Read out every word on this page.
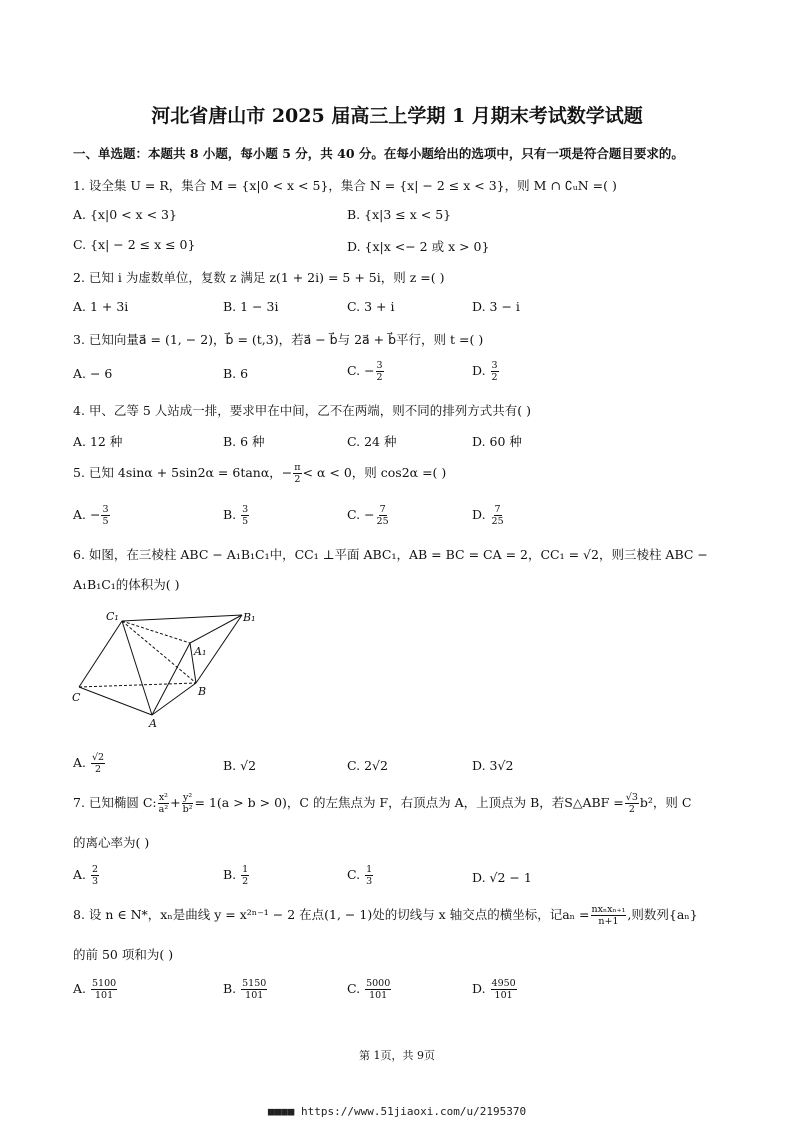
河北省唐山市 2025 届高三上学期 1 月期末考试数学试题
一、单选题：本题共 8 小题，每小题 5 分，共 40 分。在每小题给出的选项中，只有一项是符合题目要求的。
1. 设全集 U = R，集合 M = {x|0 < x < 5}，集合 N = {x| − 2 ≤ x < 3}，则 M ∩ ∁ᵤN =( )
A. {x|0 < x < 3}	B. {x|3 ≤ x < 5}
C. {x| − 2 ≤ x ≤ 0}	D. {x|x <− 2 或 x > 0}
2. 已知 i 为虚数单位，复数 z 满足 z(1 + 2i) = 5 + 5i，则 z =( )
A. 1 + 3i	B. 1 − 3i	C. 3 + i	D. 3 − i
3. 已知向量a⃗ = (1, − 2)，b⃗ = (t,3)，若a⃗ − b⃗与 2a⃗ + b⃗平行，则 t =( )
A. − 6	B. 6	C. − $\frac{3}{2}$	D. $\frac{3}{2}$
4. 甲、乙等 5 人站成一排，要求甲在中间，乙不在两端，则不同的排列方式共有( )
A. 12 种	B. 6 种	C. 24 种	D. 60 种
5. 已知 4sinα + 5sin2α = 6tanα，− $\frac{\pi}{2} < \alpha < 0$，则 cos2α =( )
A. − $\frac{3}{5}$	B. $\frac{3}{5}$	C. − $\frac{7}{25}$	D. $\frac{7}{25}$
6. 如图，在三棱柱 ABC − A₁B₁C₁中，CC₁ ⊥平面 ABC₁，AB = BC = CA = 2，CC₁ = √2，则三棱柱 ABC −
A₁B₁C₁的体积为( )
C₁	B₁
A₁
C	B
A
A. $\frac{√2}{2}$	B. √2	C. 2√2	D. 3√2
7. 已知椭圆 C: $\frac{\text{x²}}{\text{a²}} + \frac{\text{y²}}{\text{b²}} = 1(a > b > 0)$，C 的左焦点为 F，右顶点为 A，上顶点为 B，若S△ABF = $\frac{√3}{2} b^2$，则 C
的离心率为( )
A. $\frac{2}{3}$	B. $\frac{1}{2}$	C. $\frac{1}{3}$	D. √2 − 1
8. 设 n ∈ N*，xₙ是曲线 y = x²ⁿ⁻¹ − 2 在点(1, − 1)处的切线与 x 轴交点的横坐标，记$a_n = \frac{\text{nxₙxₙ₊₁}}{n+1}$ ,则数列{aₙ}
的前 50 项和为( )
A. $\frac{5100}{101}$	B. $\frac{5150}{101}$	C. $\frac{5000}{101}$	D. $\frac{4950}{101}$
第 1页，共 9页
■■■■ https://www.51jiaoxi.com/u/2195370
